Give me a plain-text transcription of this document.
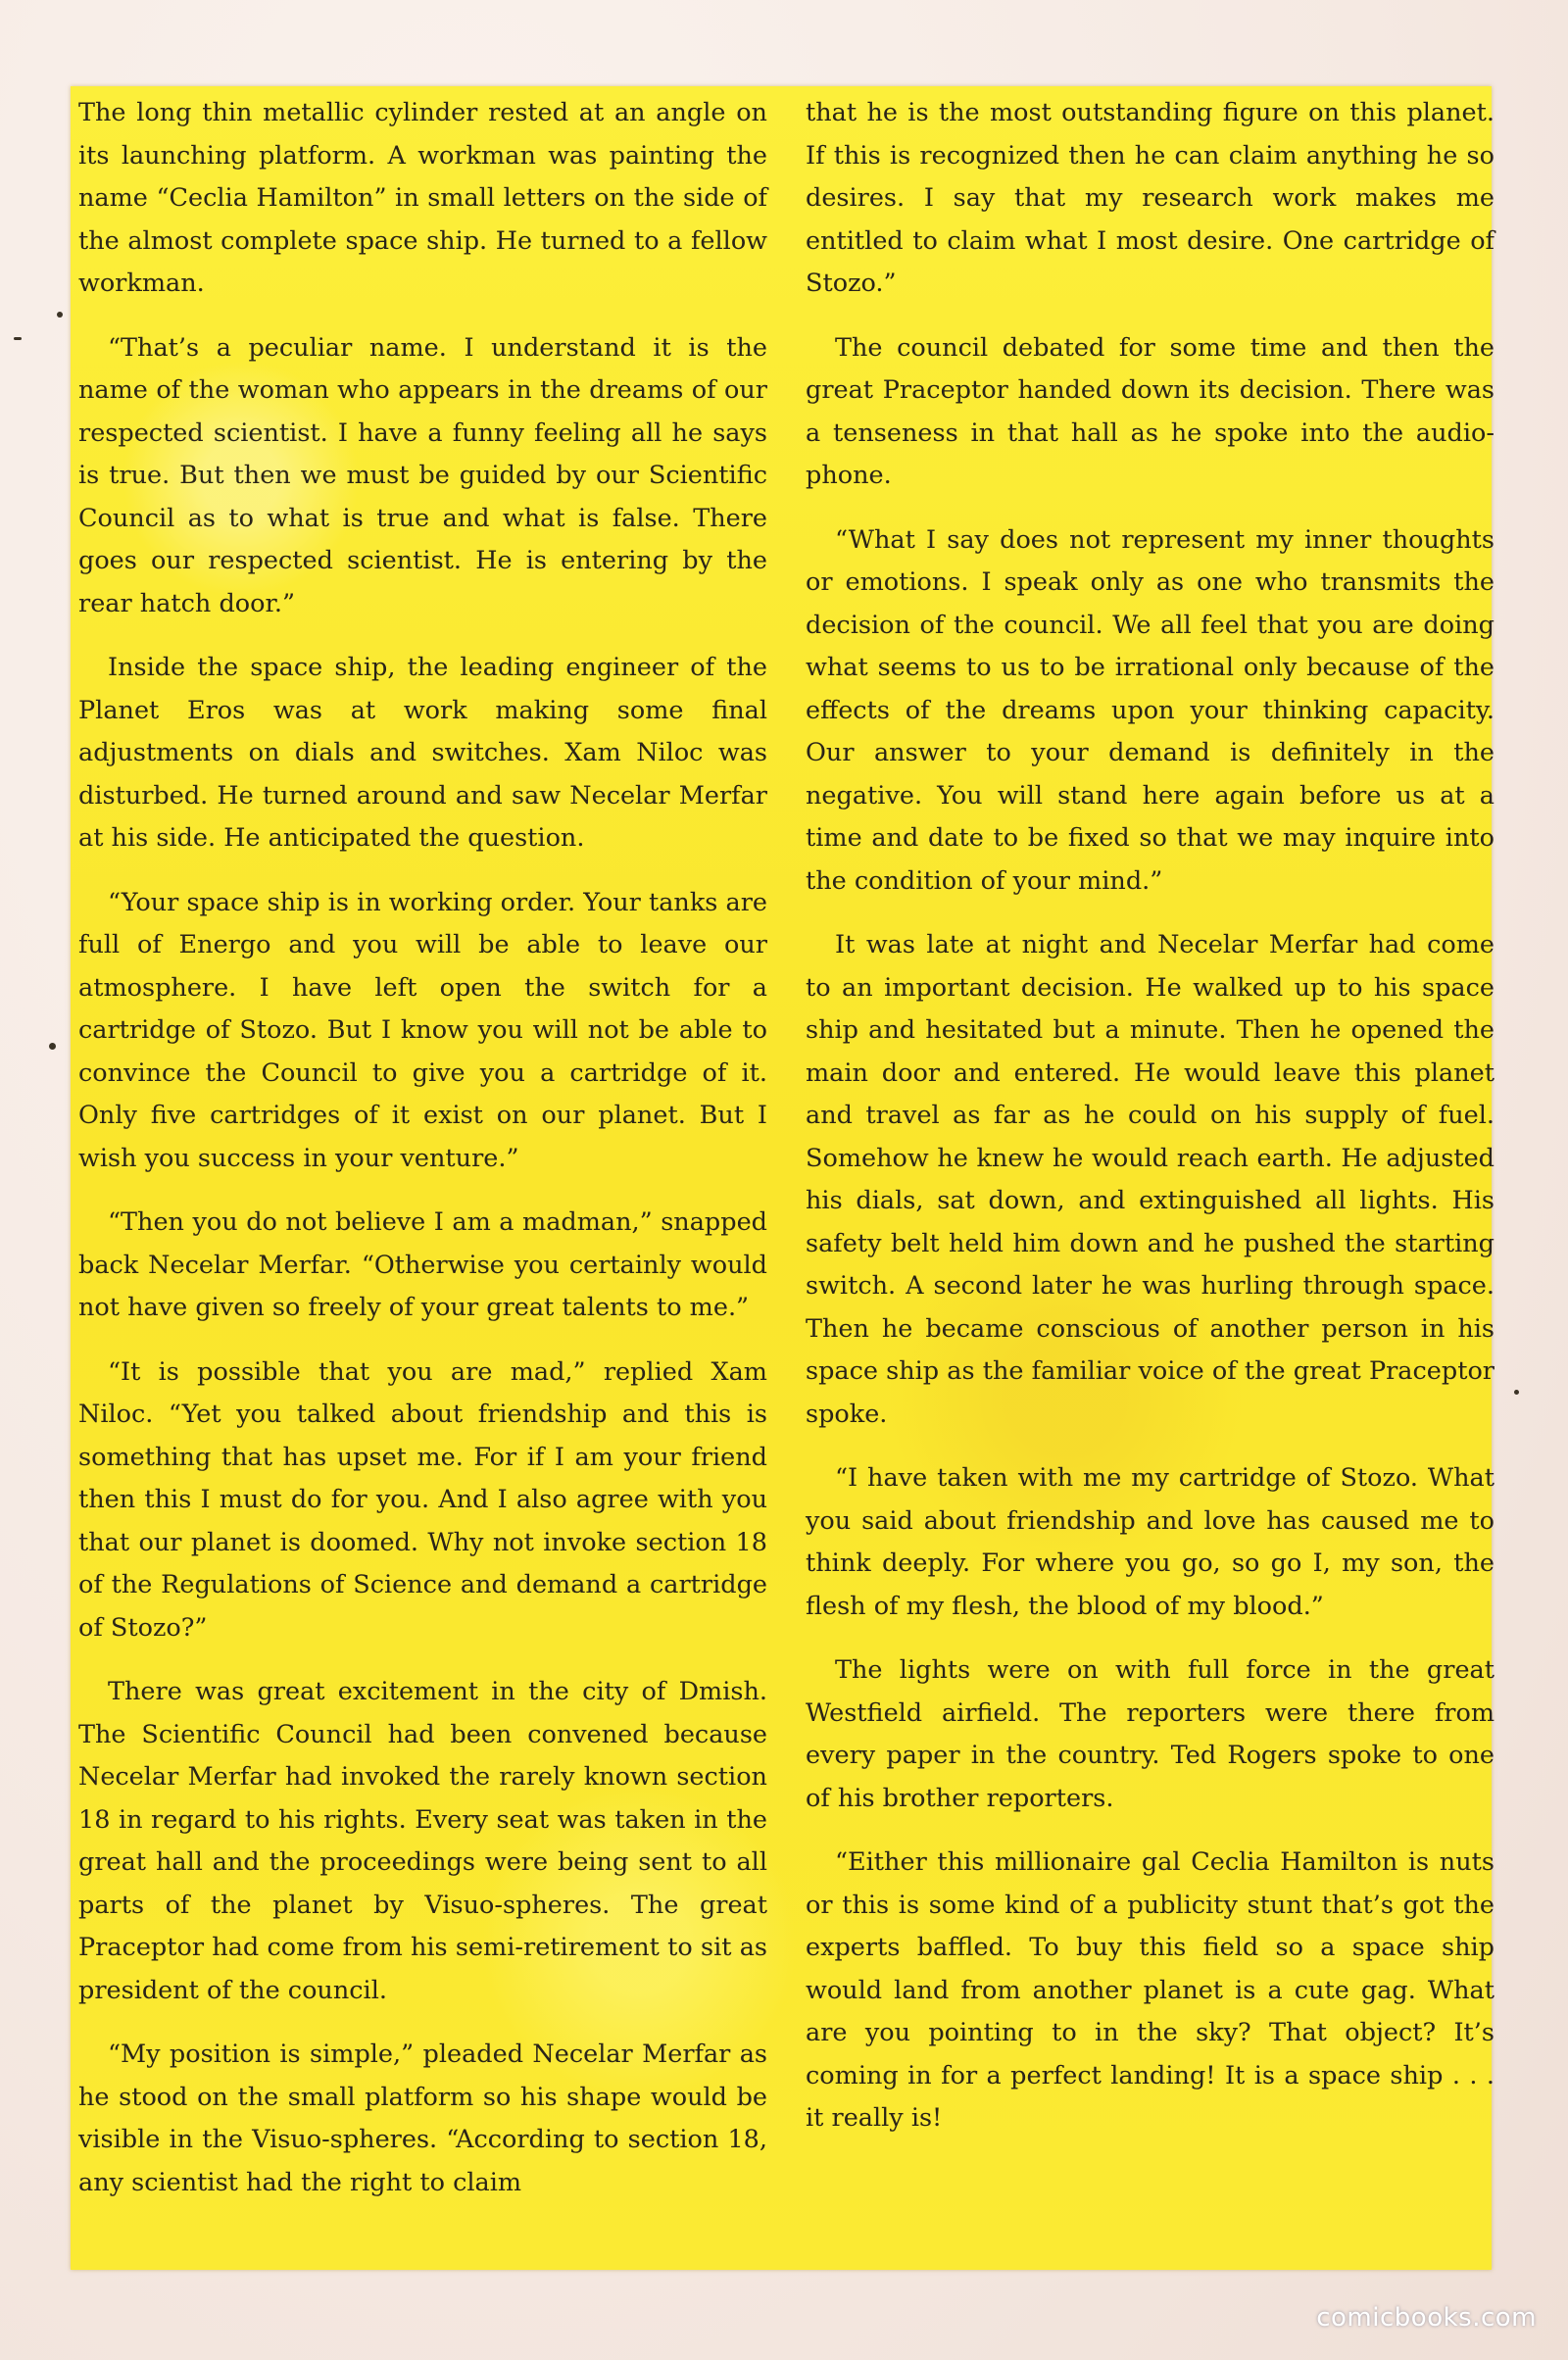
The long thin metallic cylinder rested at an angle on its launching platform. A workman was painting the name “Ceclia Hamilton” in small letters on the side of the almost complete space ship. He turned to a fellow workman.

“That’s a peculiar name. I understand it is the name of the woman who appears in the dreams of our respected scientist. I have a funny feeling all he says is true. But then we must be guided by our Scientific Council as to what is true and what is false. There goes our respected scientist. He is entering by the rear hatch door.”

Inside the space ship, the leading engineer of the Planet Eros was at work making some final adjustments on dials and switches. Xam Niloc was disturbed. He turned around and saw Necelar Merfar at his side. He anticipated the question.

“Your space ship is in working order. Your tanks are full of Energo and you will be able to leave our atmosphere. I have left open the switch for a cartridge of Stozo. But I know you will not be able to convince the Council to give you a cartridge of it. Only five cartridges of it exist on our planet. But I wish you success in your venture.”

“Then you do not believe I am a madman,” snapped back Necelar Merfar. “Otherwise you certainly would not have given so freely of your great talents to me.”

“It is possible that you are mad,” replied Xam Niloc. “Yet you talked about friendship and this is something that has upset me. For if I am your friend then this I must do for you. And I also agree with you that our planet is doomed. Why not invoke section 18 of the Regulations of Science and demand a cartridge of Stozo?”

There was great excitement in the city of Dmish. The Scientific Council had been convened because Necelar Merfar had invoked the rarely known section 18 in regard to his rights. Every seat was taken in the great hall and the proceedings were being sent to all parts of the planet by Visuo-spheres. The great Praceptor had come from his semi-retirement to sit as president of the council.

“My position is simple,” pleaded Necelar Merfar as he stood on the small platform so his shape would be visible in the Visuo-spheres. “According to section 18, any scientist had the right to claim

that he is the most outstanding figure on this planet. If this is recognized then he can claim anything he so desires. I say that my research work makes me entitled to claim what I most desire. One cartridge of Stozo.”

The council debated for some time and then the great Praceptor handed down its decision. There was a tenseness in that hall as he spoke into the audio-phone.

“What I say does not represent my inner thoughts or emotions. I speak only as one who transmits the decision of the council. We all feel that you are doing what seems to us to be irrational only because of the effects of the dreams upon your thinking capacity. Our answer to your demand is definitely in the negative. You will stand here again before us at a time and date to be fixed so that we may inquire into the condition of your mind.”

It was late at night and Necelar Merfar had come to an important decision. He walked up to his space ship and hesitated but a minute. Then he opened the main door and entered. He would leave this planet and travel as far as he could on his supply of fuel. Somehow he knew he would reach earth. He adjusted his dials, sat down, and extinguished all lights. His safety belt held him down and he pushed the starting switch. A second later he was hurling through space. Then he became conscious of another person in his space ship as the familiar voice of the great Praceptor spoke.

“I have taken with me my cartridge of Stozo. What you said about friendship and love has caused me to think deeply. For where you go, so go I, my son, the flesh of my flesh, the blood of my blood.”

The lights were on with full force in the great Westfield airfield. The reporters were there from every paper in the country. Ted Rogers spoke to one of his brother reporters.

“Either this millionaire gal Ceclia Hamilton is nuts or this is some kind of a publicity stunt that’s got the experts baffled. To buy this field so a space ship would land from another planet is a cute gag. What are you pointing to in the sky? That object? It’s coming in for a perfect landing! It is a space ship . . . it really is!

comicbooks.com
